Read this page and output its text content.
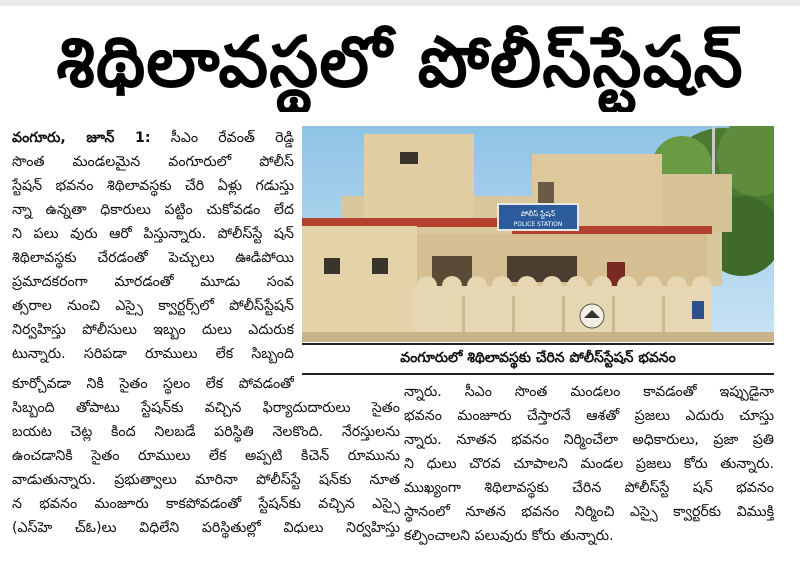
శిథిలావస్థలో పోలీస్‌స్టేషన్
పోలీస్ స్టేషన్
POLICE STATION
వంగూరులో శిథిలావస్థకు చేరిన పోలీస్‌స్టేషన్ భవనం
వంగూరు, జూన్ 1: సీఎం రేవంత్ రెడ్డి
సొంత మండలమైన వంగూరులో పోలీస్
స్టేషన్ భవనం శిథిలావస్థకు చేరి ఏళ్లు గడుస్తు
న్నా ఉన్నతా ధికారులు పట్టిం చుకోవడం లేద
ని పలు వురు ఆరో పిస్తున్నారు. పోలీస్‌స్టే షన్
శిథిలావస్థకు చేరడంతో పెచ్చులు ఊడిపోయి
ప్రమాదకరంగా మారడంతో మూడు సంవ
త్సరాల నుంచి ఎస్సై క్వార్టర్స్‌లో పోలీస్‌స్టేషన్
నిర్వహిస్తు పోలీసులు ఇబ్బం దులు ఎదురుక
టున్నారు. సరిపడా రూములు లేక సిబ్బంది
కూర్చోవడా నికి సైతం స్థలం లేక పోవడంతో
సిబ్బంది తోపాటు స్టేషన్‌కు వచ్చిన ఫిర్యాదుదారులు సైతం
బయట చెట్ల కింద నిలబడే పరిస్థితి నెలకొంది. నేరస్తులను
ఉంచడానికి సైతం రూములు లేక అప్పటి కిచెన్ రూమును
వాడుతున్నారు. ప్రభుత్వాలు మారినా పోలీస్‌స్టే షన్‌కు నూత
న భవనం మంజూరు కాకపోవడంతో స్టేషన్‌కు వచ్చిన ఎస్సై
(ఎస్‌హె చ్‌ఓ)లు విధిలేని పరిస్థితుల్లో విధులు నిర్వహిస్తు
న్నారు. సీఎం సొంత మండలం కావడంతో ఇప్పుడైనా
భవనం మంజూరు చేస్తారనే ఆశతో ప్రజలు ఎదురు చూస్తు
న్నారు. నూతన భవనం నిర్మించేలా అధికారులు, ప్రజా ప్రతి
ని ధులు చొరవ చూపాలని మండల ప్రజలు కోరు తున్నారు.
ముఖ్యంగా శిథిలావస్థకు చేరిన పోలీస్‌స్టే షన్ భవనం
స్థానంలో నూతన భవనం నిర్మించి ఎస్సై క్వార్టర్‌కు విముక్తి
కల్పించాలని పలువురు కోరు తున్నారు.
